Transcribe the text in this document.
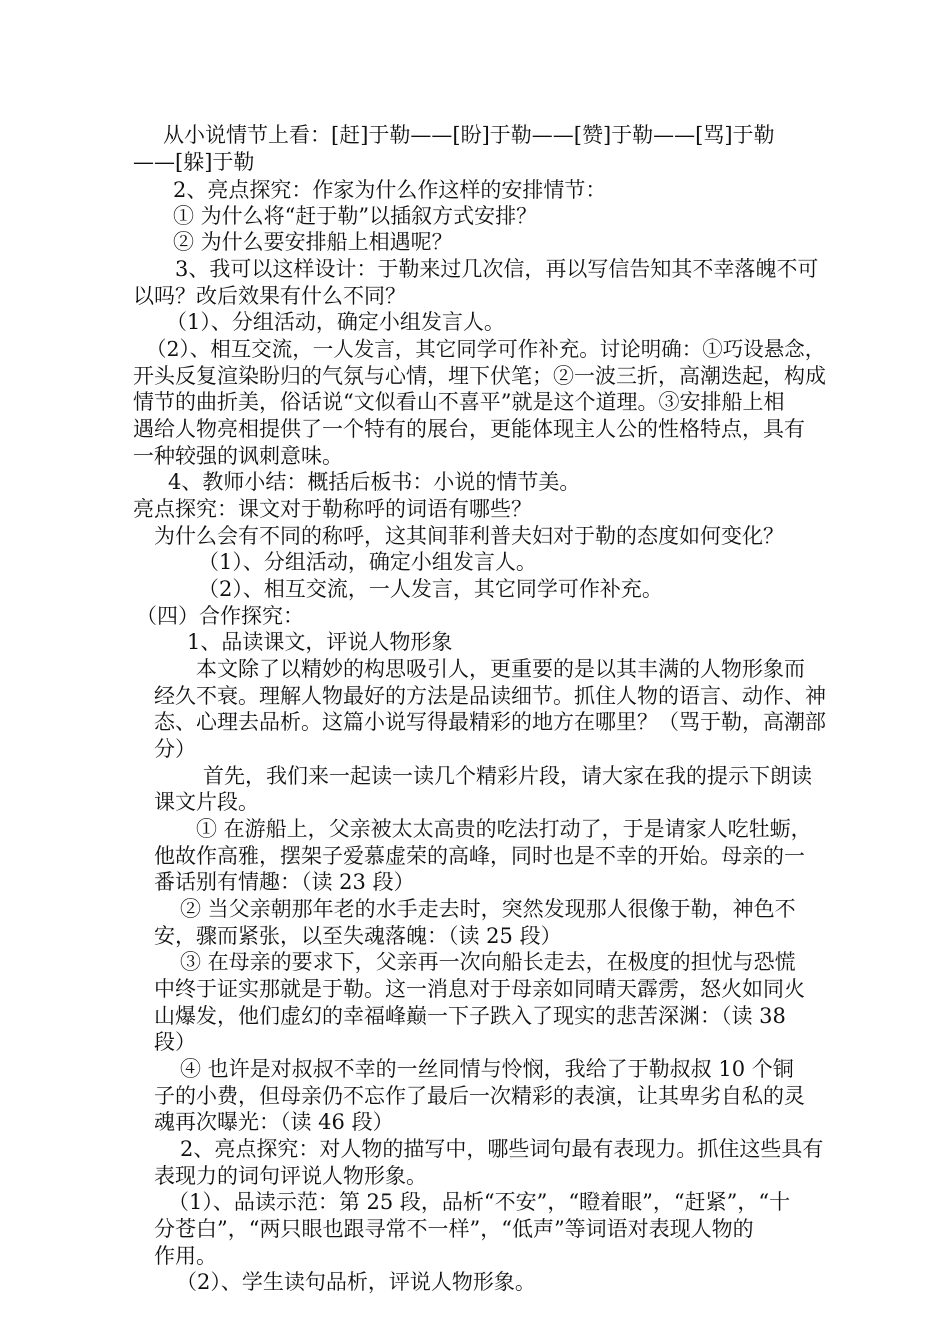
从小说情节上看：[赶]于勒——[盼]于勒——[赞]于勒——[骂]于勒
——[躲]于勒
2、亮点探究：作家为什么作这样的安排情节：
① 为什么将“赶于勒”以插叙方式安排？
② 为什么要安排船上相遇呢？
3、我可以这样设计：于勒来过几次信，再以写信告知其不幸落魄不可
以吗？改后效果有什么不同？
（1）、分组活动，确定小组发言人。
（2）、相互交流，一人发言，其它同学可作补充。讨论明确：①巧设悬念，
开头反复渲染盼归的气氛与心情，埋下伏笔；②一波三折，高潮迭起，构成
情节的曲折美，俗话说“文似看山不喜平”就是这个道理。③安排船上相
遇给人物亮相提供了一个特有的展台，更能体现主人公的性格特点，具有
一种较强的讽刺意味。
4、教师小结：概括后板书：小说的情节美。
亮点探究：课文对于勒称呼的词语有哪些？
为什么会有不同的称呼，这其间菲利普夫妇对于勒的态度如何变化？
（1）、分组活动，确定小组发言人。
（2）、相互交流，一人发言，其它同学可作补充。
（四）合作探究：
1、品读课文，评说人物形象
本文除了以精妙的构思吸引人，更重要的是以其丰满的人物形象而
经久不衰。理解人物最好的方法是品读细节。抓住人物的语言、动作、神
态、心理去品析。这篇小说写得最精彩的地方在哪里？（骂于勒，高潮部
分）
首先，我们来一起读一读几个精彩片段，请大家在我的提示下朗读
课文片段。
① 在游船上，父亲被太太高贵的吃法打动了，于是请家人吃牡蛎，
他故作高雅，摆架子爱慕虚荣的高峰，同时也是不幸的开始。母亲的一
番话别有情趣：（读 23 段）
② 当父亲朝那年老的水手走去时，突然发现那人很像于勒，神色不
安，骤而紧张，以至失魂落魄：（读 25 段）
③ 在母亲的要求下，父亲再一次向船长走去，在极度的担忧与恐慌
中终于证实那就是于勒。这一消息对于母亲如同晴天霹雳，怒火如同火
山爆发，他们虚幻的幸福峰巅一下子跌入了现实的悲苦深渊：（读 38
段）
④ 也许是对叔叔不幸的一丝同情与怜悯，我给了于勒叔叔 10 个铜
子的小费，但母亲仍不忘作了最后一次精彩的表演，让其卑劣自私的灵
魂再次曝光：（读 46 段）
2、亮点探究：对人物的描写中，哪些词句最有表现力。抓住这些具有
表现力的词句评说人物形象。
（1）、品读示范：第 25 段，品析“不安”，“瞪着眼”，“赶紧”，“十
分苍白”，“两只眼也跟寻常不一样”，“低声”等词语对表现人物的
作用。
（2）、学生读句品析，评说人物形象。
